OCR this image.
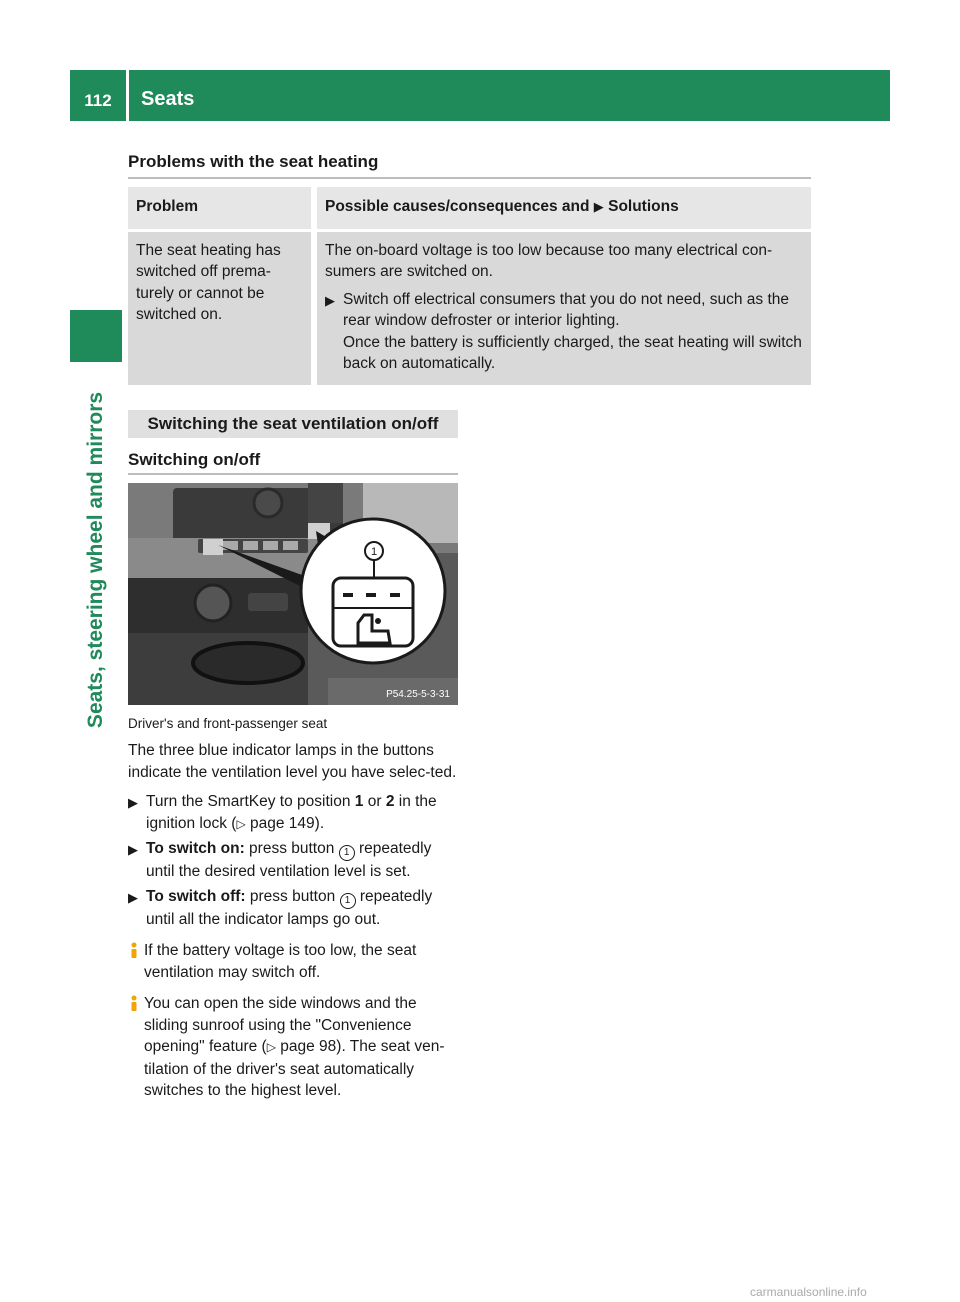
112	Seats
Seats, steering wheel and mirrors
Problems with the seat heating
Problem	Possible causes/consequences and ▶ Solutions
The seat heating has switched off prema-turely or cannot be switched on.	The on-board voltage is too low because too many electrical con-sumers are switched on.
▶ Switch off electrical consumers that you do not need, such as the rear window defroster or interior lighting.
Once the battery is sufficiently charged, the seat heating will switch back on automatically.
Switching the seat ventilation on/off
Switching on/off
1
P54.25-5-3-31
Driver's and front-passenger seat

The three blue indicator lamps in the buttons indicate the ventilation level you have selec-ted.

▶ Turn the SmartKey to position 1 or 2 in the ignition lock (▷ page 149).
▶ To switch on: press button 1 repeatedly until the desired ventilation level is set.
▶ To switch off: press button 1 repeatedly until all the indicator lamps go out.
If the battery voltage is too low, the seat ventilation may switch off.
You can open the side windows and the sliding sunroof using the "Convenience opening" feature (▷ page 98). The seat ven-tilation of the driver's seat automatically switches to the highest level.
carmanualsonline.info
